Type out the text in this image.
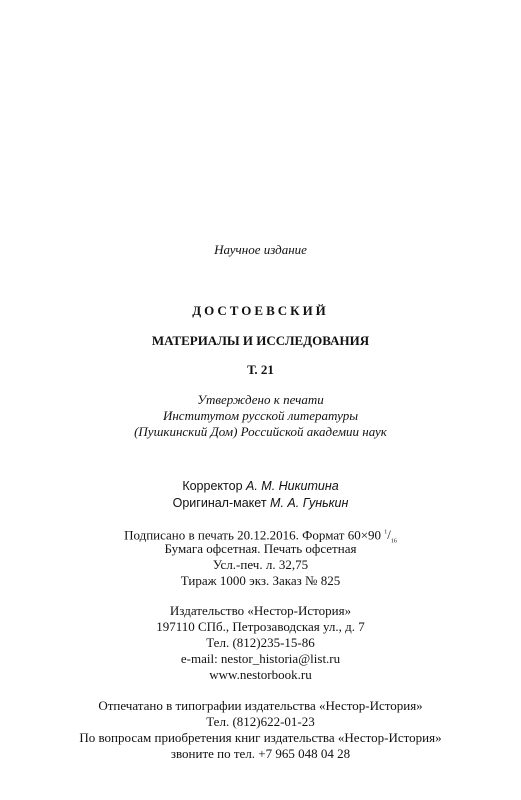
Научное издание
ДОСТОЕВСКИЙ
МАТЕРИАЛЫ И ИССЛЕДОВАНИЯ
Т. 21
Утверждено к печати
Институтом русской литературы
(Пушкинский Дом) Российской академии наук
Корректор А. М. Никитина
Оригинал-макет М. А. Гунькин
Подписано в печать 20.12.2016. Формат 60×90 $^1/_{16}$
Бумага офсетная. Печать офсетная
Усл.-печ. л. 32,75
Тираж 1000 экз. Заказ № 825
Издательство «Нестор-История»
197110 СПб., Петрозаводская ул., д. 7
Тел. (812)235-15-86
e-mail: nestor_historia@list.ru
www.nestorbook.ru
Отпечатано в типографии издательства «Нестор-История»
Тел. (812)622-01-23
По вопросам приобретения книг издательства «Нестор-История»
звоните по тел. +7 965 048 04 28
